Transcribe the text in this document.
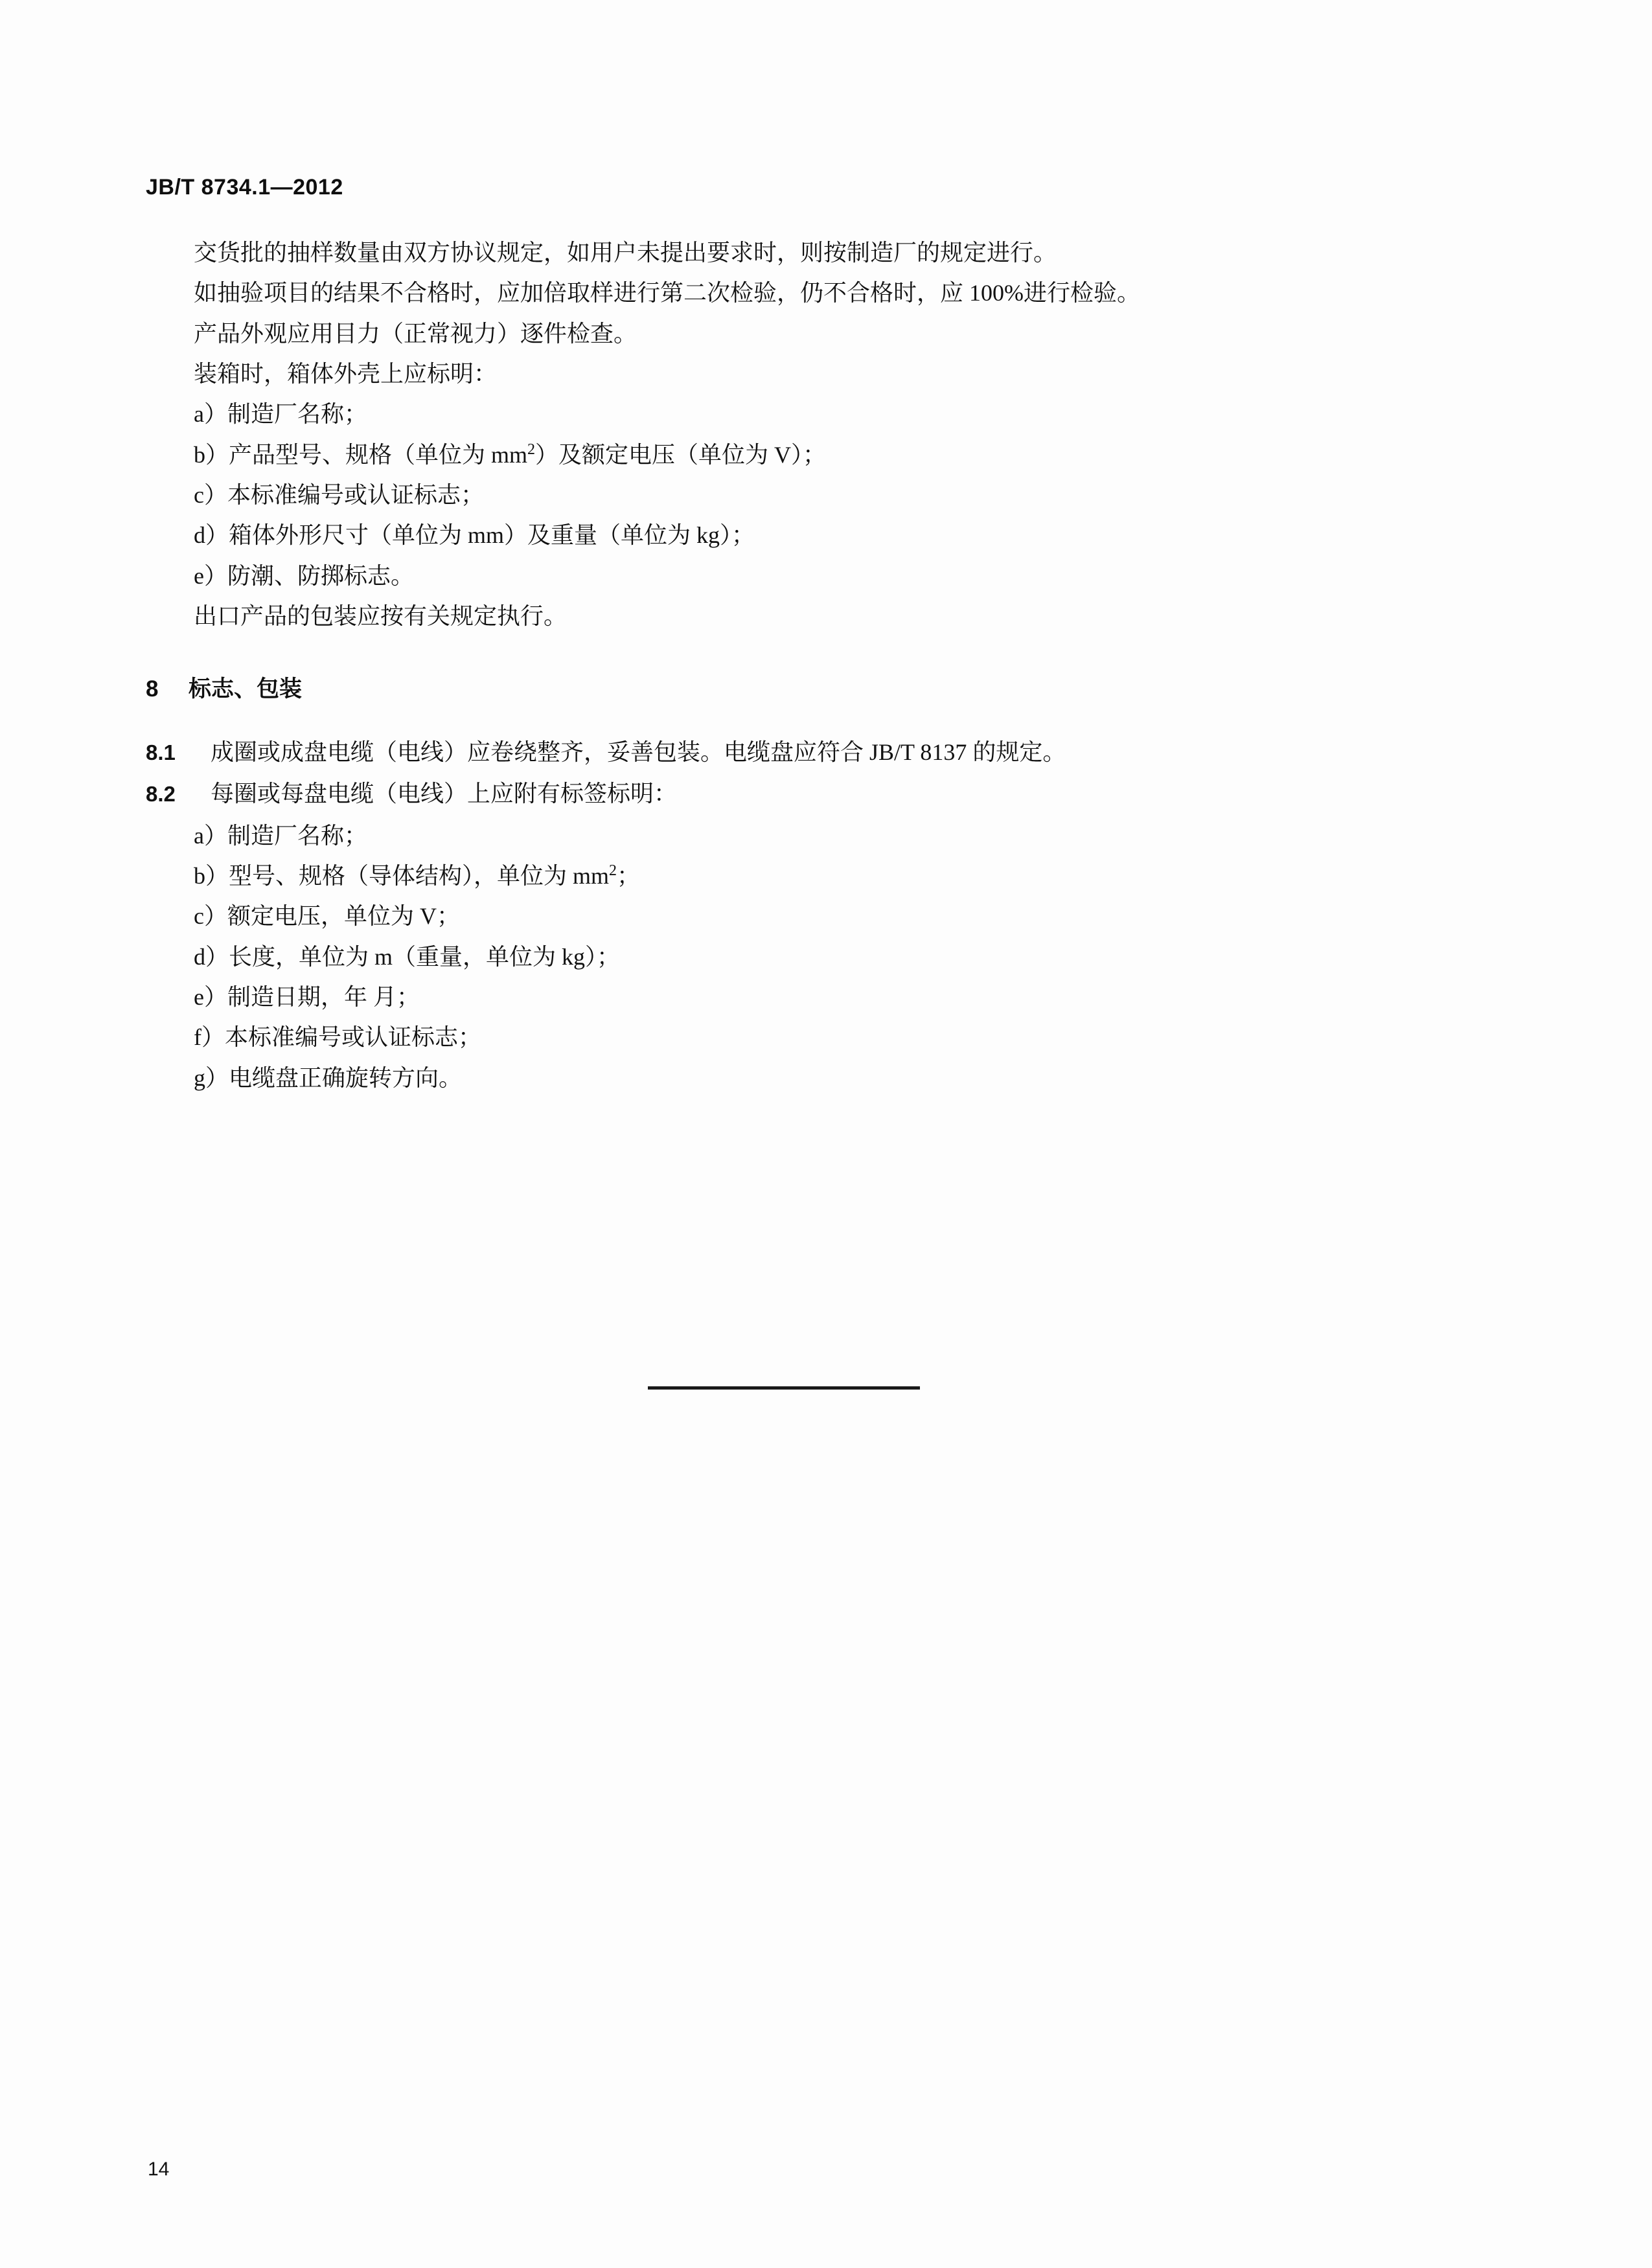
JB/T 8734.1—2012

交货批的抽样数量由双方协议规定，如用户未提出要求时，则按制造厂的规定进行。

如抽验项目的结果不合格时，应加倍取样进行第二次检验，仍不合格时，应 100%进行检验。

产品外观应用目力（正常视力）逐件检查。

装箱时，箱体外壳上应标明：

a）制造厂名称；

b）产品型号、规格（单位为 $mm^2$）及额定电压（单位为 V）；

c）本标准编号或认证标志；

d）箱体外形尺寸（单位为 mm）及重量（单位为 kg）；

e）防潮、防掷标志。

出口产品的包装应按有关规定执行。

8 标志、包装

8.1 成圈或成盘电缆（电线）应卷绕整齐，妥善包装。电缆盘应符合 JB/T 8137 的规定。

8.2 每圈或每盘电缆（电线）上应附有标签标明：

a）制造厂名称；

b）型号、规格（导体结构），单位为 $mm^2$；

c）额定电压，单位为 V；

d）长度，单位为 m（重量，单位为 kg）；

e）制造日期，年 月；

f）本标准编号或认证标志；

g）电缆盘正确旋转方向。

14
